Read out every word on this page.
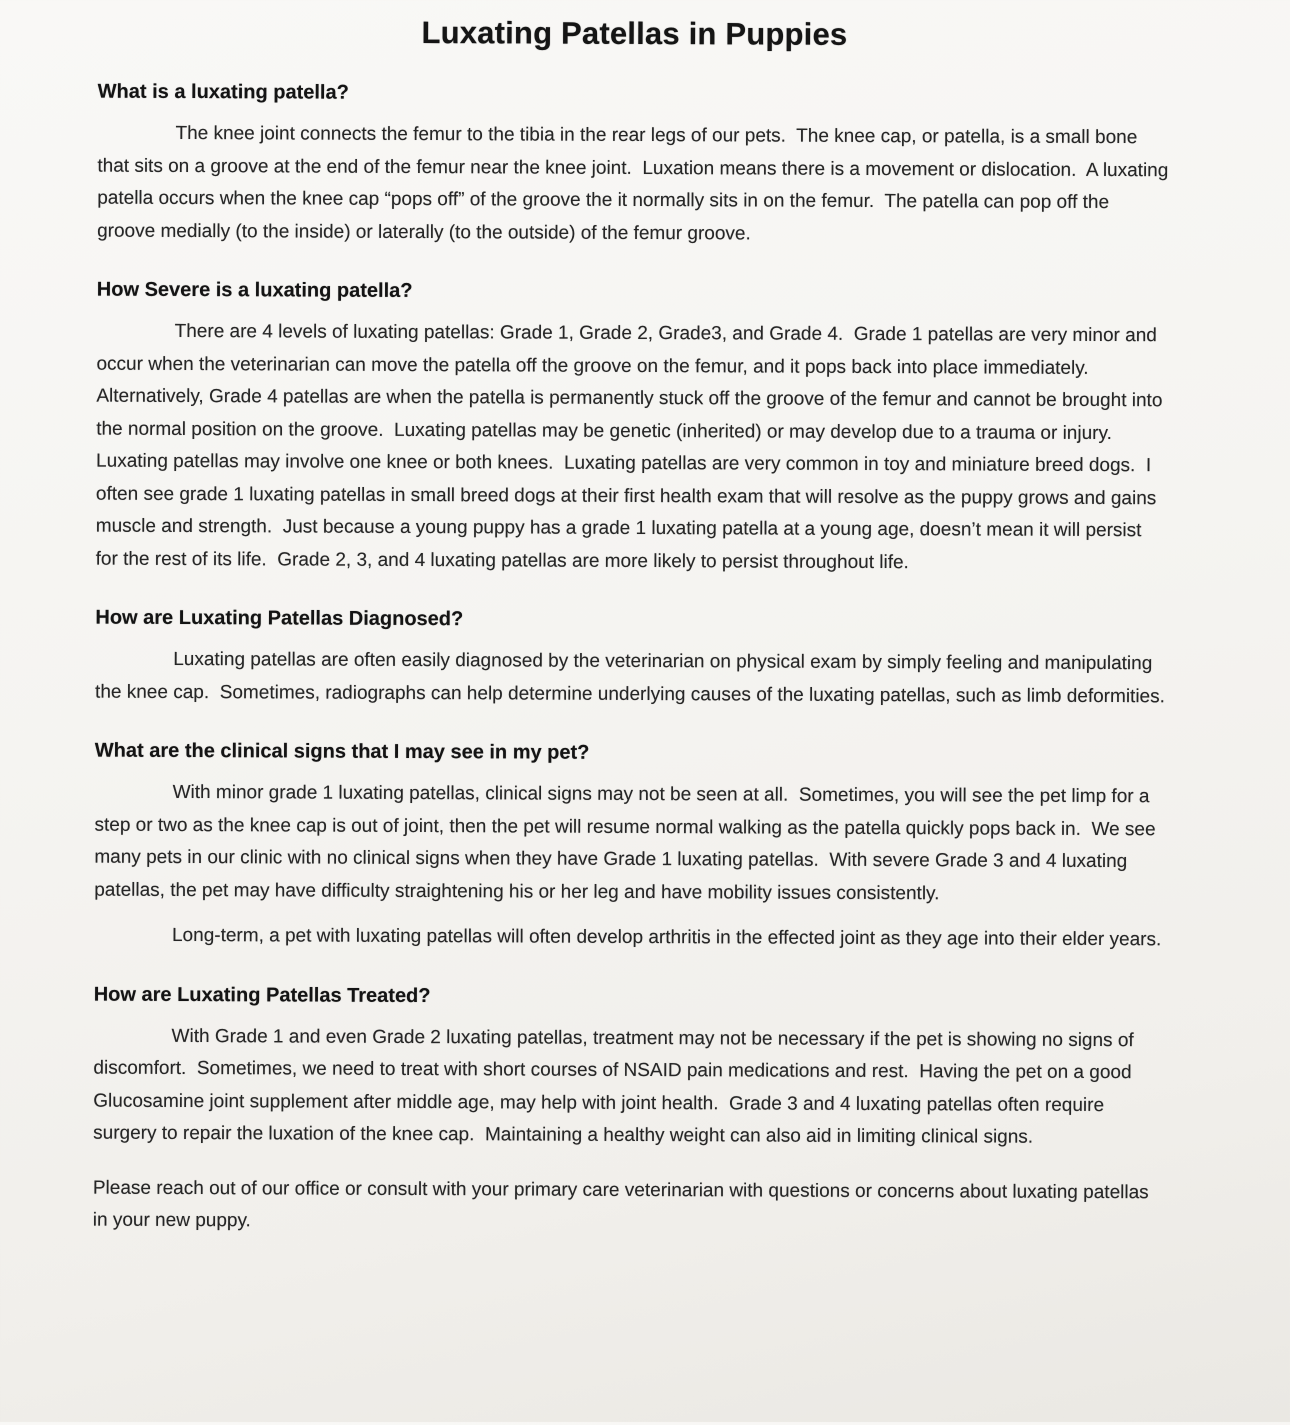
Luxating Patellas in Puppies
What is a luxating patella?

The knee joint connects the femur to the tibia in the rear legs of our pets.  The knee cap, or patella, is a small bone that sits on a groove at the end of the femur near the knee joint.  Luxation means there is a movement or dislocation.  A luxating patella occurs when the knee cap “pops off” of the groove the it normally sits in on the femur.  The patella can pop off the groove medially (to the inside) or laterally (to the outside) of the femur groove.

How Severe is a luxating patella?

There are 4 levels of luxating patellas: Grade 1, Grade 2, Grade3, and Grade 4.  Grade 1 patellas are very minor and occur when the veterinarian can move the patella off the groove on the femur, and it pops back into place immediately.  Alternatively, Grade 4 patellas are when the patella is permanently stuck off the groove of the femur and cannot be brought into the normal position on the groove.  Luxating patellas may be genetic (inherited) or may develop due to a trauma or injury.  Luxating patellas may involve one knee or both knees.  Luxating patellas are very common in toy and miniature breed dogs.  I often see grade 1 luxating patellas in small breed dogs at their first health exam that will resolve as the puppy grows and gains muscle and strength.  Just because a young puppy has a grade 1 luxating patella at a young age, doesn’t mean it will persist for the rest of its life.  Grade 2, 3, and 4 luxating patellas are more likely to persist throughout life.

How are Luxating Patellas Diagnosed?

Luxating patellas are often easily diagnosed by the veterinarian on physical exam by simply feeling and manipulating the knee cap.  Sometimes, radiographs can help determine underlying causes of the luxating patellas, such as limb deformities.

What are the clinical signs that I may see in my pet?

With minor grade 1 luxating patellas, clinical signs may not be seen at all.  Sometimes, you will see the pet limp for a step or two as the knee cap is out of joint, then the pet will resume normal walking as the patella quickly pops back in.  We see many pets in our clinic with no clinical signs when they have Grade 1 luxating patellas.  With severe Grade 3 and 4 luxating patellas, the pet may have difficulty straightening his or her leg and have mobility issues consistently.

Long-term, a pet with luxating patellas will often develop arthritis in the effected joint as they age into their elder years.

How are Luxating Patellas Treated?

With Grade 1 and even Grade 2 luxating patellas, treatment may not be necessary if the pet is showing no signs of discomfort.  Sometimes, we need to treat with short courses of NSAID pain medications and rest.  Having the pet on a good Glucosamine joint supplement after middle age, may help with joint health.  Grade 3 and 4 luxating patellas often require surgery to repair the luxation of the knee cap.  Maintaining a healthy weight can also aid in limiting clinical signs.

Please reach out of our office or consult with your primary care veterinarian with questions or concerns about luxating patellas in your new puppy.
